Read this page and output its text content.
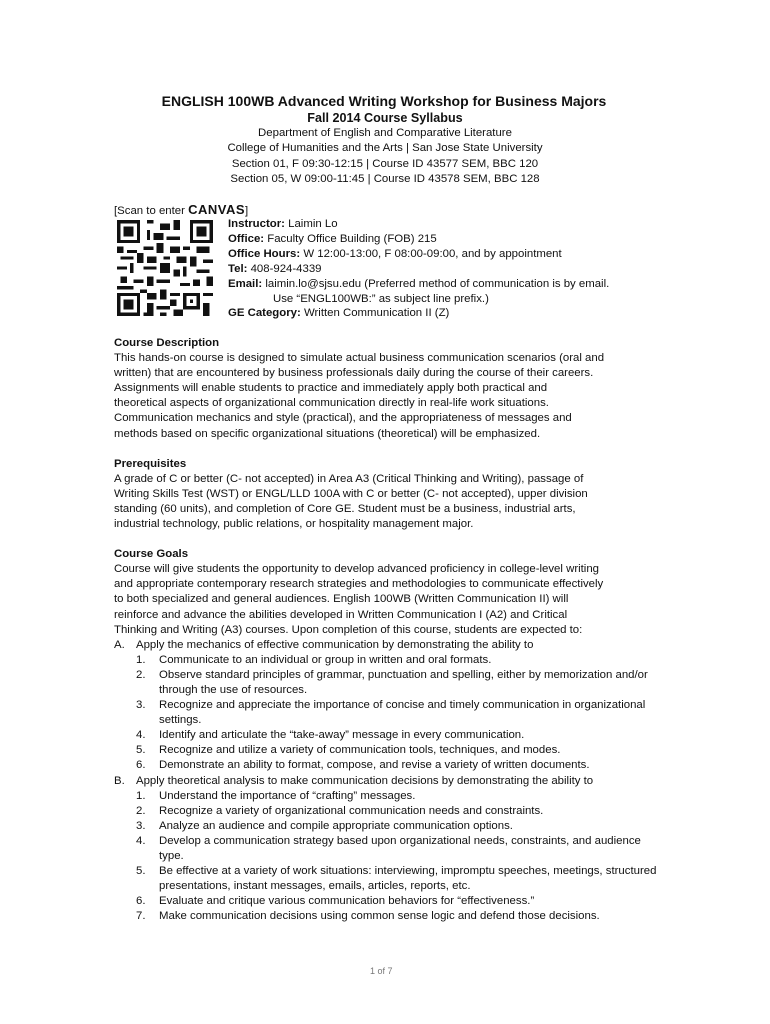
ENGLISH 100WB Advanced Writing Workshop for Business Majors
Fall 2014 Course Syllabus
Department of English and Comparative Literature
College of Humanities and the Arts | San Jose State University
Section 01, F 09:30-12:15 | Course ID 43577 SEM, BBC 120
Section 05, W 09:00-11:45 | Course ID 43578 SEM, BBC 128
[Scan to enter CANVAS]
Instructor: Laimin Lo
Office: Faculty Office Building (FOB) 215
Office Hours: W 12:00-13:00, F 08:00-09:00, and by appointment
Tel: 408-924-4339
Email: laimin.lo@sjsu.edu (Preferred method of communication is by email.
Use “ENGL100WB:” as subject line prefix.)
GE Category: Written Communication II (Z)
Course Description
This hands-on course is designed to simulate actual business communication scenarios (oral and
written) that are encountered by business professionals daily during the course of their careers.
Assignments will enable students to practice and immediately apply both practical and
theoretical aspects of organizational communication directly in real-life work situations.
Communication mechanics and style (practical), and the appropriateness of messages and
methods based on specific organizational situations (theoretical) will be emphasized.
Prerequisites
A grade of C or better (C- not accepted) in Area A3 (Critical Thinking and Writing), passage of
Writing Skills Test (WST) or ENGL/LLD 100A with C or better (C- not accepted), upper division
standing (60 units), and completion of Core GE. Student must be a business, industrial arts,
industrial technology, public relations, or hospitality management major.
Course Goals
Course will give students the opportunity to develop advanced proficiency in college-level writing
and appropriate contemporary research strategies and methodologies to communicate effectively
to both specialized and general audiences. English 100WB (Written Communication II) will
reinforce and advance the abilities developed in Written Communication I (A2) and Critical
Thinking and Writing (A3) courses. Upon completion of this course, students are expected to:
A. Apply the mechanics of effective communication by demonstrating the ability to
1.	Communicate to an individual or group in written and oral formats.
2.	Observe standard principles of grammar, punctuation and spelling, either by memorization and/or through the use of resources.
3.	Recognize and appreciate the importance of concise and timely communication in organizational settings.
4.	Identify and articulate the “take-away” message in every communication.
5.	Recognize and utilize a variety of communication tools, techniques, and modes.
6.	Demonstrate an ability to format, compose, and revise a variety of written documents.
B. Apply theoretical analysis to make communication decisions by demonstrating the ability to
1.	Understand the importance of “crafting” messages.
2.	Recognize a variety of organizational communication needs and constraints.
3.	Analyze an audience and compile appropriate communication options.
4.	Develop a communication strategy based upon organizational needs, constraints, and audience type.
5.	Be effective at a variety of work situations: interviewing, impromptu speeches, meetings, structured presentations, instant messages, emails, articles, reports, etc.
6.	Evaluate and critique various communication behaviors for “effectiveness.”
7.	Make communication decisions using common sense logic and defend those decisions.
1 of 7
